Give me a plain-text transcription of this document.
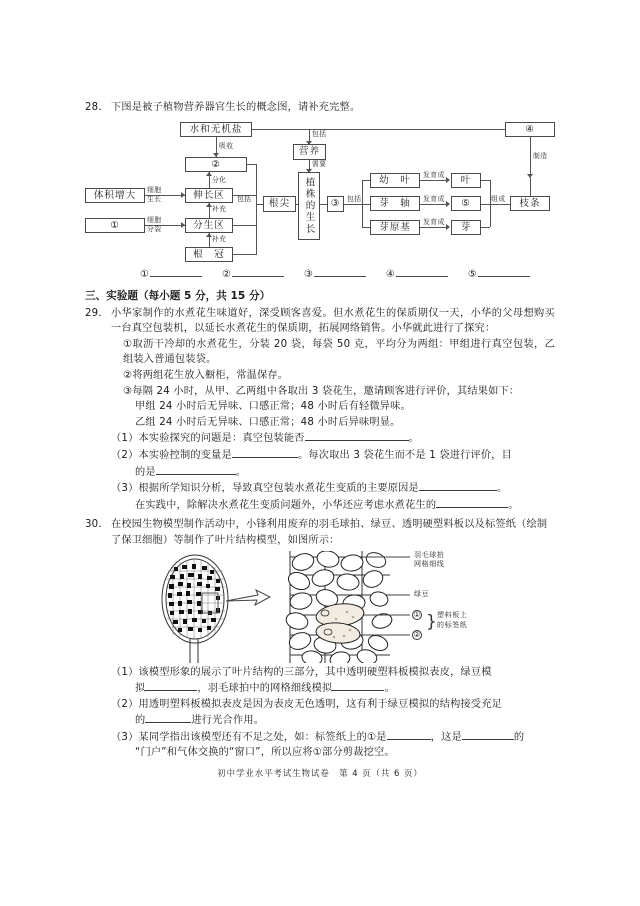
28． 下图是被子植物营养器官生长的概念图，请补充完整。
水和无机盐	④
②
体积增大	伸长区
①	分生区
根　冠
根尖
营养
植株的生长	③
幼　叶
芽　轴
芽原基
叶
⑤
芽
枝条
包括
吸收
分化
细胞
生长
细胞
分裂
补充
补充
包括
需要
包括
发育成
发育成
发育成
组成
制造
①	②	③	④	⑤
三、实验题（每小题 5 分，共 15 分）
29． 小华家制作的水煮花生味道好，深受顾客喜爱。但水煮花生的保质期仅一天，小华的父母想购买一台真空包装机，以延长水煮花生的保质期，拓展网络销售。小华就此进行了探究：
①取沥干冷却的水煮花生，分装 20 袋，每袋 50 克，平均分为两组：甲组进行真空包装，乙组装入普通包装袋。
②将两组花生放入橱柜，常温保存。
③每隔 24 小时，从甲、乙两组中各取出 3 袋花生，邀请顾客进行评价，其结果如下：
甲组 24 小时后无异味、口感正常；48 小时后有轻微异味。
乙组 24 小时后无异味、口感正常；48 小时后异味明显。
（1）本实验探究的问题是：真空包装能否	。
（2）本实验控制的变量是	。每次取出 3 袋花生而不是 1 袋进行评价，目
的是	。
（3）根据所学知识分析，导致真空包装水煮花生变质的主要原因是	。
在实践中，除解决水煮花生变质问题外，小华还应考虑水煮花生的	。
30． 在校园生物模型制作活动中，小锋利用废弃的羽毛球拍、绿豆、透明硬塑料板以及标签纸（绘制了保卫细胞）等制作了叶片结构模型，如图所示：
羽毛球拍
网格细线
绿豆
①
②
} 塑料板上
的标签纸
（1）该模型形象的展示了叶片结构的三部分，其中透明硬塑料板模拟表皮，绿豆模
拟	，羽毛球拍中的网格细线模拟	。
（2）用透明塑料板模拟表皮是因为表皮无色透明，这有利于绿豆模拟的结构接受充足
的	进行光合作用。
（3）某同学指出该模型还有不足之处，如：标签纸上的①是	，这是	的
“门户”和气体交换的“窗口”，所以应将①部分剪裁挖空。
初中学业水平考试生物试卷　第 4 页（共 6 页）
